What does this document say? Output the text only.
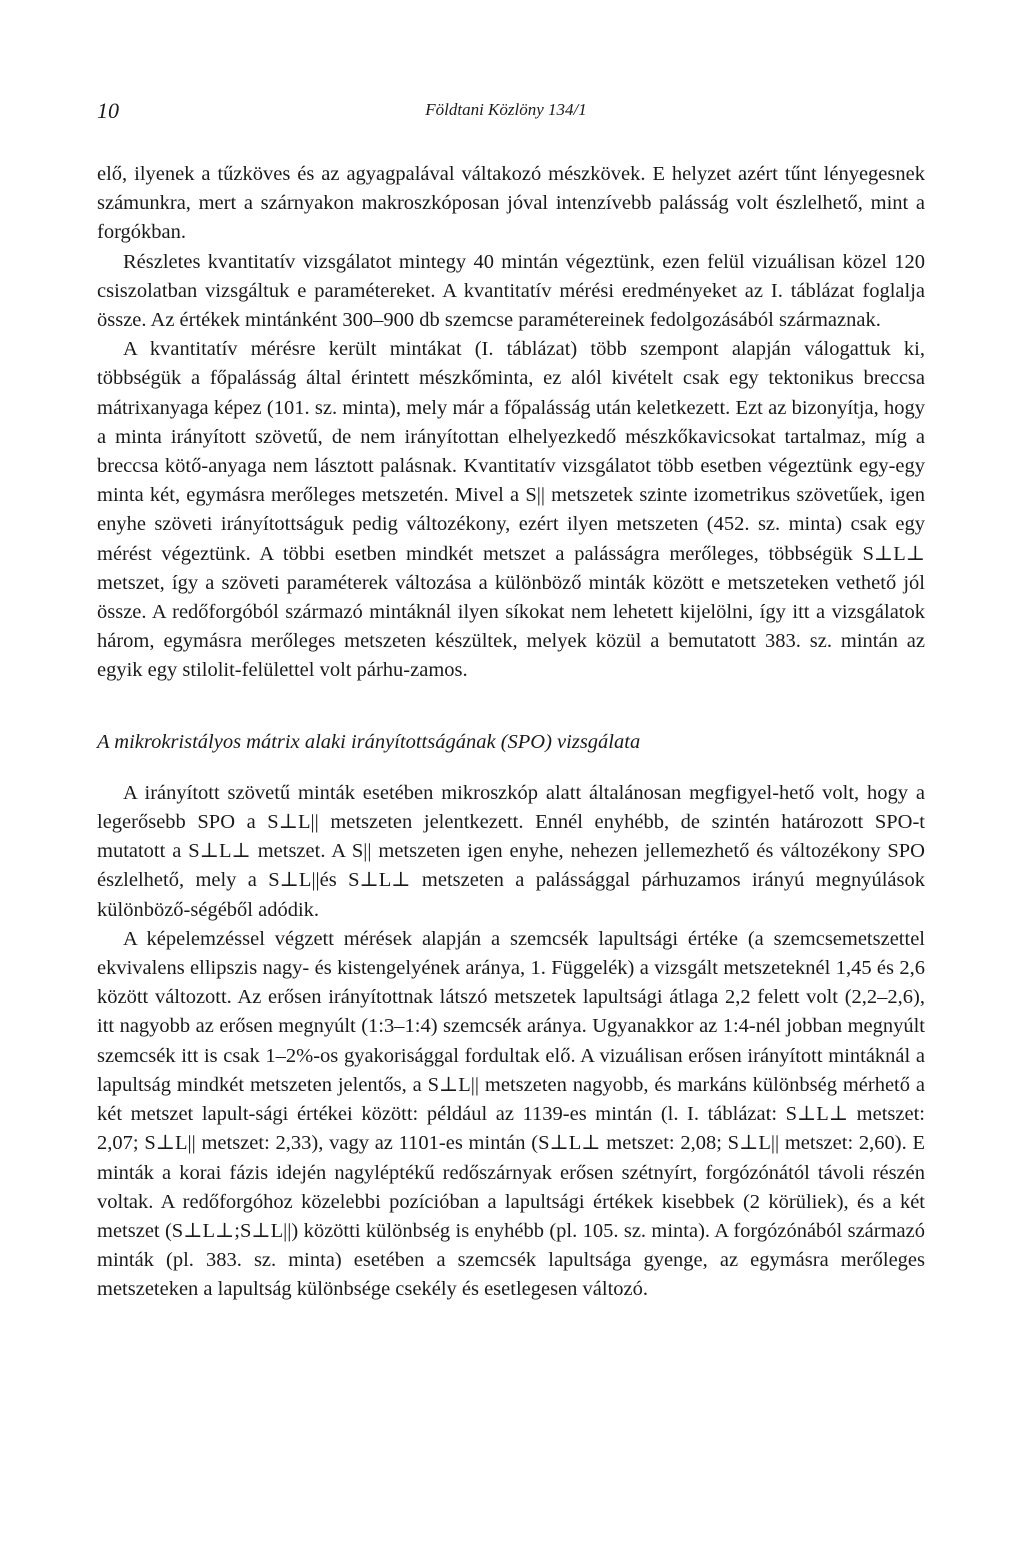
10	Földtani Közlöny 134/1

elő, ilyenek a tűzköves és az agyagpalával váltakozó mészkövek. E helyzet azért tűnt lényegesnek számunkra, mert a szárnyakon makroszkóposan jóval intenzívebb palásság volt észlelhető, mint a forgókban.

Részletes kvantitatív vizsgálatot mintegy 40 mintán végeztünk, ezen felül vizuálisan közel 120 csiszolatban vizsgáltuk e paramétereket. A kvantitatív mérési eredményeket az I. táblázat foglalja össze. Az értékek mintánként 300–900 db szemcse paramétereinek fedolgozásából származnak.

A kvantitatív mérésre került mintákat (I. táblázat) több szempont alapján válogattuk ki, többségük a főpalásság által érintett mészkőminta, ez alól kivételt csak egy tektonikus breccsa mátrixanyaga képez (101. sz. minta), mely már a főpalásság után keletkezett. Ezt az bizonyítja, hogy a minta irányított szövetű, de nem irányítottan elhelyezkedő mészkőkavicsokat tartalmaz, míg a breccsa kötő-anyaga nem lásztott palásnak. Kvantitatív vizsgálatot több esetben végeztünk egy-egy minta két, egymásra merőleges metszetén. Mivel a S|| metszetek szinte izometrikus szövetűek, igen enyhe szöveti irányítottságuk pedig változékony, ezért ilyen metszeten (452. sz. minta) csak egy mérést végeztünk. A többi esetben mindkét metszet a palásságra merőleges, többségük S⊥L⊥ metszet, így a szöveti paraméterek változása a különböző minták között e metszeteken vethető jól össze. A redőforgóból származó mintáknál ilyen síkokat nem lehetett kijelölni, így itt a vizsgálatok három, egymásra merőleges metszeten készültek, melyek közül a bemutatott 383. sz. mintán az egyik egy stilolit-felülettel volt párhu-zamos.

A mikrokristályos mátrix alaki irányítottságának (SPO) vizsgálata

A irányított szövetű minták esetében mikroszkóp alatt általánosan megfigyel-hető volt, hogy a legerősebb SPO a S⊥L|| metszeten jelentkezett. Ennél enyhébb, de szintén határozott SPO-t mutatott a S⊥L⊥ metszet. A S|| metszeten igen enyhe, nehezen jellemezhető és változékony SPO észlelhető, mely a S⊥L||és S⊥L⊥ metszeten a palássággal párhuzamos irányú megnyúlások különböző-ségéből adódik.

A képelemzéssel végzett mérések alapján a szemcsék lapultsági értéke (a szemcsemetszettel ekvivalens ellipszis nagy- és kistengelyének aránya, 1. Függelék) a vizsgált metszeteknél 1,45 és 2,6 között változott. Az erősen irányítottnak látszó metszetek lapultsági átlaga 2,2 felett volt (2,2–2,6), itt nagyobb az erősen megnyúlt (1:3–1:4) szemcsék aránya. Ugyanakkor az 1:4-nél jobban megnyúlt szemcsék itt is csak 1–2%-os gyakorisággal fordultak elő. A vizuálisan erősen irányított mintáknál a lapultság mindkét metszeten jelentős, a S⊥L|| metszeten nagyobb, és markáns különbség mérhető a két metszet lapult-sági értékei között: például az 1139-es mintán (l. I. táblázat: S⊥L⊥ metszet: 2,07; S⊥L|| metszet: 2,33), vagy az 1101-es mintán (S⊥L⊥ metszet: 2,08; S⊥L|| metszet: 2,60). E minták a korai fázis idején nagyléptékű redőszárnyak erősen szétnyírt, forgózónától távoli részén voltak. A redőforgóhoz közelebbi pozícióban a lapultsági értékek kisebbek (2 körüliek), és a két metszet (S⊥L⊥;S⊥L||) közötti különbség is enyhébb (pl. 105. sz. minta). A forgózónából származó minták (pl. 383. sz. minta) esetében a szemcsék lapultsága gyenge, az egymásra merőleges metszeteken a lapultság különbsége csekély és esetlegesen változó.
